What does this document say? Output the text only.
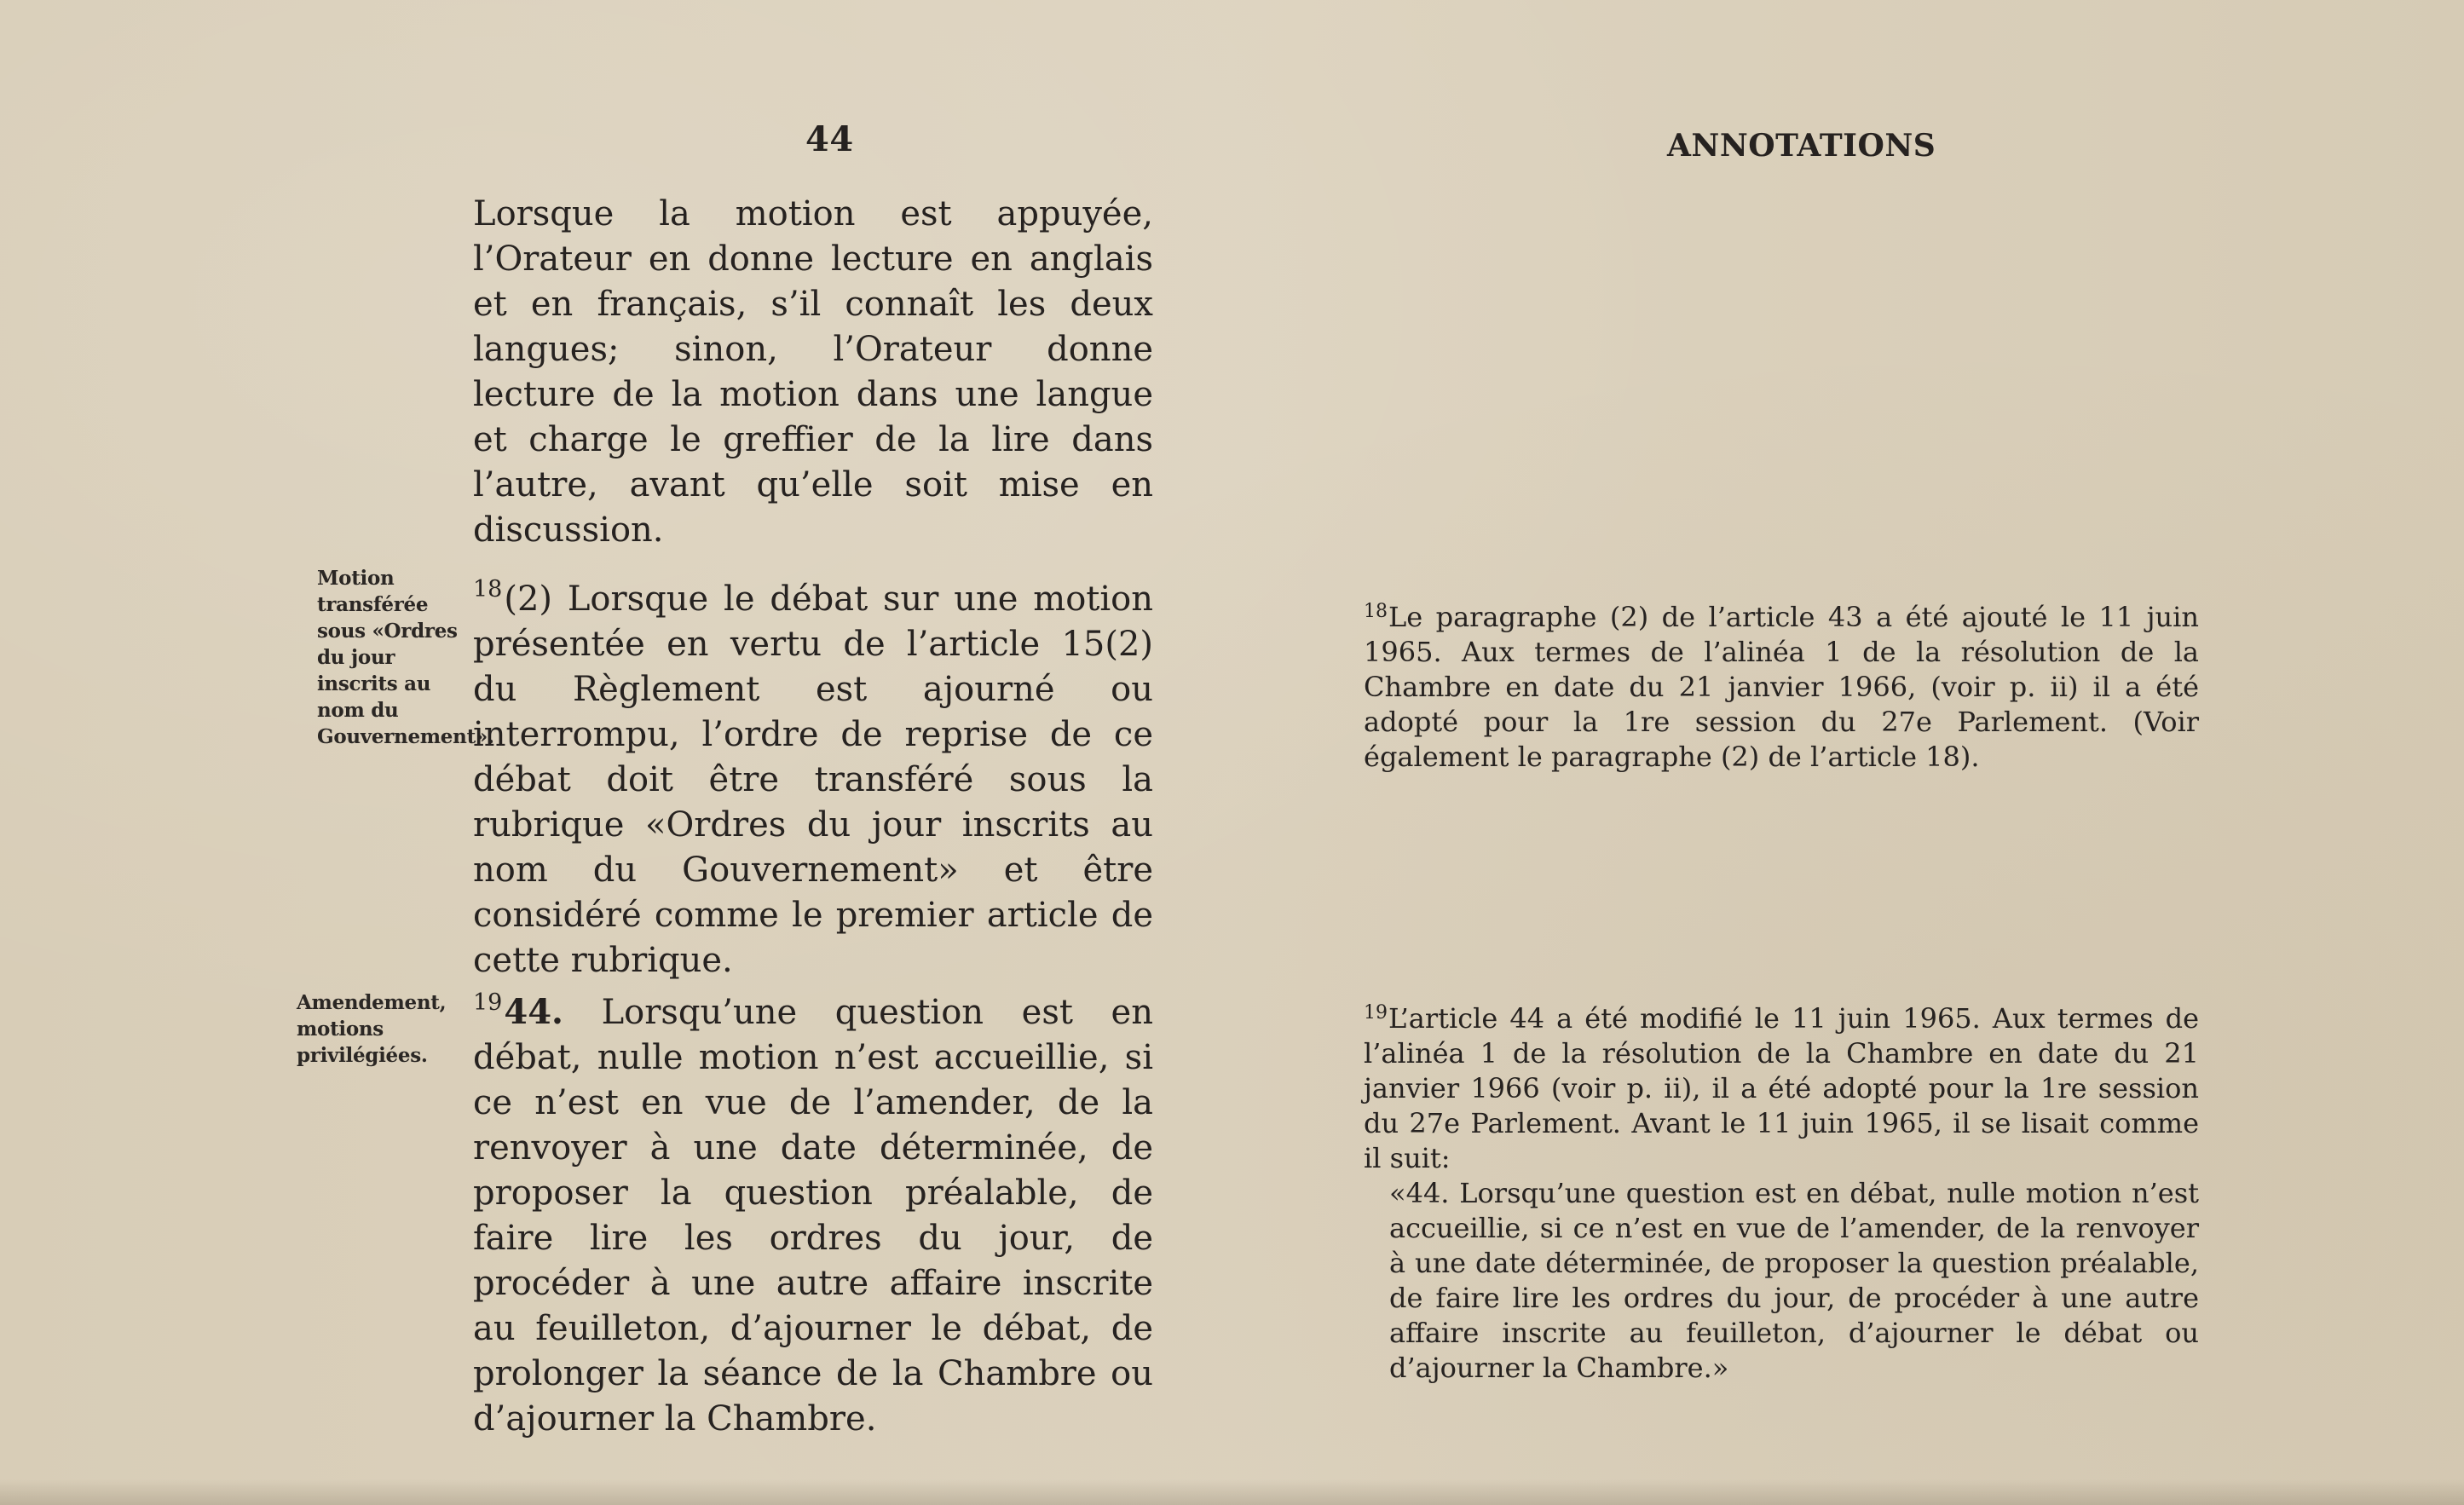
44	ANNOTATIONS

Lorsque la motion est appuyée, l’Orateur en donne lecture en anglais et en français, s’il connaît les deux langues; sinon, l’Orateur donne lecture de la motion dans une langue et charge le greffier de la lire dans l’autre, avant qu’elle soit mise en discussion.

Motion transférée sous «Ordres du jour inscrits au nom du Gouvernement».

$^{18}$(2) Lorsque le débat sur une motion présentée en vertu de l’article 15(2) du Règlement est ajourné ou interrompu, l’ordre de reprise de ce débat doit être transféré sous la rubrique «Ordres du jour inscrits au nom du Gouvernement» et être considéré comme le premier article de cette rubrique.

Amendement, motions privilégiées.

$^{19}$44. Lorsqu’une question est en débat, nulle motion n’est accueillie, si ce n’est en vue de l’amender, de la renvoyer à une date déterminée, de proposer la question préalable, de faire lire les ordres du jour, de procéder à une autre affaire inscrite au feuilleton, d’ajourner le débat, de prolonger la séance de la Chambre ou d’ajourner la Chambre.

$^{18}$Le paragraphe (2) de l’article 43 a été ajouté le 11 juin 1965. Aux termes de l’alinéa 1 de la résolution de la Chambre en date du 21 janvier 1966, (voir p. ii) il a été adopté pour la 1re session du 27e Parlement. (Voir également le paragraphe (2) de l’article 18).

$^{19}$L’article 44 a été modifié le 11 juin 1965. Aux termes de l’alinéa 1 de la résolution de la Chambre en date du 21 janvier 1966 (voir p. ii), il a été adopté pour la 1re session du 27e Parlement. Avant le 11 juin 1965, il se lisait comme il suit:

«44. Lorsqu’une question est en débat, nulle motion n’est accueillie, si ce n’est en vue de l’amender, de la renvoyer à une date déterminée, de proposer la question préalable, de faire lire les ordres du jour, de procéder à une autre affaire inscrite au feuilleton, d’ajourner le débat ou d’ajourner la Chambre.»
